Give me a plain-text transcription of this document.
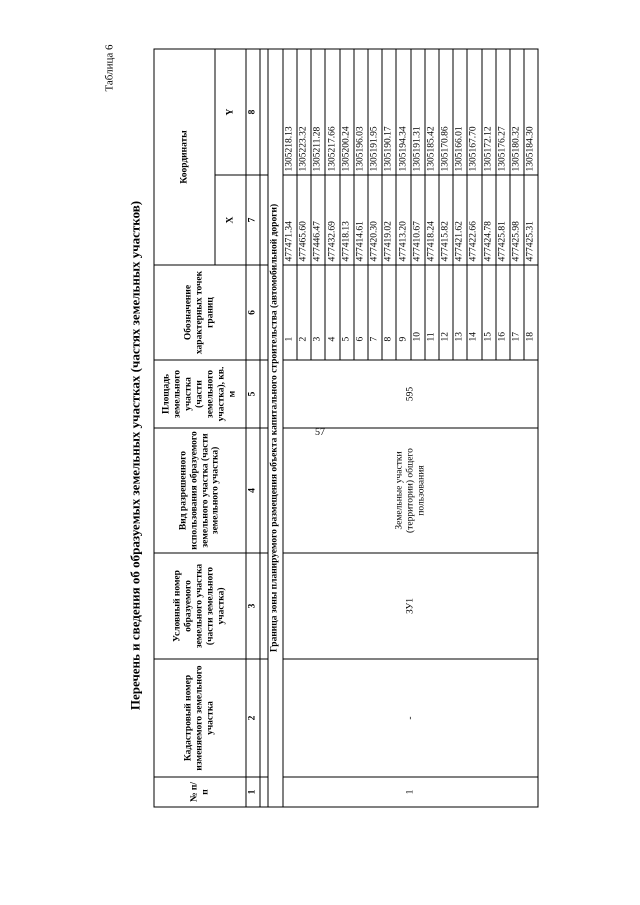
57
Таблица 6
Перечень и сведения об образуемых земельных участках (частях земельных участков)
№ п/п	Кадастровый номер изменяемого земельного участка	Условный номер образуемого земельного участка (части земельного участка)	Вид разрешенного использования образуемого земельного участка (части земельного участка)	Площадь земельного участка (части земельного участка), кв. м	Обозначение характерных точек границ	Координаты	
						X	Y
1	2	3	4	5	6	7	8

Граница зоны планируемого размещения объекта капитального строительства (автомобильной дороги)							
1	-	ЗУ1	Земельные участки (территории) общего пользования	595	1	477471.34	1305218.13
					2	477465.60	1305223.32
					3	477446.47	1305211.28
					4	477432.69	1305217.66
					5	477418.13	1305200.24
					6	477414.61	1305196.03
					7	477420.30	1305191.95
					8	477419.02	1305190.17
					9	477413.20	1305194.34
					10	477410.67	1305191.31
					11	477418.24	1305185.42
					12	477415.82	1305170.86
					13	477421.62	1305166.01
					14	477422.66	1305167.70
					15	477424.78	1305172.12
					16	477425.81	1305176.27
					17	477425.98	1305180.32
					18	477425.31	1305184.30
